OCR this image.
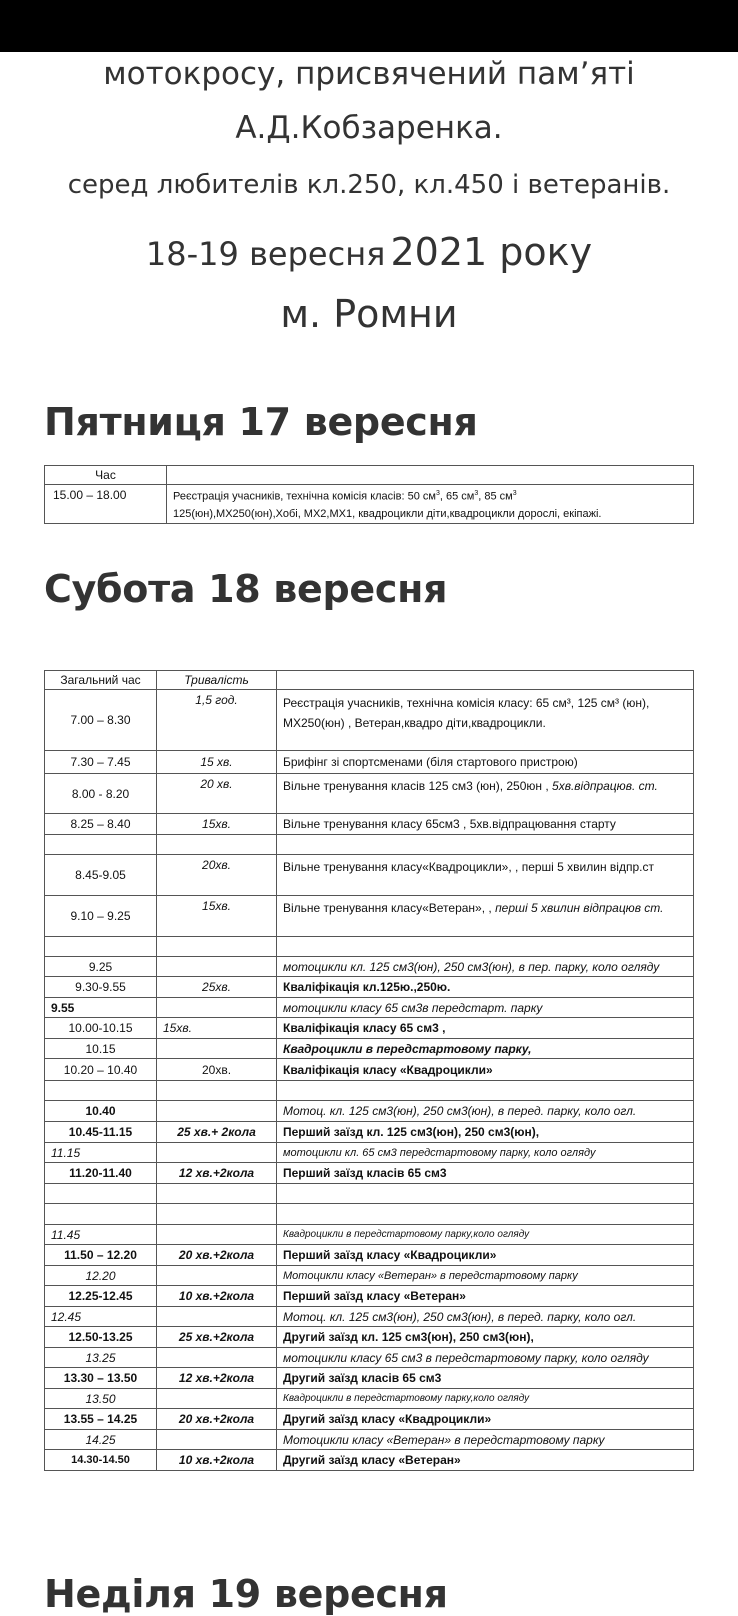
мотокросу, присвячений пам’яті
А.Д.Кобзаренка.
серед любителів кл.250, кл.450 і ветеранів.
18-19 вересня 2021 року
м. Ромни
Пятниця 17 вересня
Час	
15.00 – 18.00	Реєстрація учасників, технічна комісія класів: 50 $см^3$, 65 $см^3$, 85 $см^3$
125(юн),МХ250(юн),Хобі, МХ2,МХ1, квадроцикли діти,квадроцикли дорослі, екіпажі.
Субота 18 вересня
Загальний час	Тривалість	
7.00 – 8.30	1,5 год.	Реєстрація учасників, технічна комісія класу: 65 см³, 125 см³ (юн), МХ250(юн) , Ветеран,квадро діти,квадроцикли.
7.30 – 7.45	15 хв.	Брифінг зі спортсменами (біля стартового пристрою)
8.00 - 8.20	20 хв.	Вільне тренування класів 125 см3 (юн), 250юн , 5хв.відпрацюв. ст.
8.25 – 8.40	15хв.	Вільне тренування класу 65см3 , 5хв.відпрацювання старту

8.45-9.05	20хв.	Вільне тренування класу«Квадроцикли», , перші 5 хвилин відпр.ст
9.10 – 9.25	15хв.	Вільне тренування класу«Ветеран», , перші 5 хвилин відпрацюв ст.

9.25		мотоцикли кл. 125 см3(юн), 250 см3(юн), в пер. парку, коло огляду
9.30-9.55	25хв.	Кваліфікація кл.125ю.,250ю.
9.55		мотоцикли класу 65 см3в передстарт. парку
10.00-10.15	15хв.	Кваліфікація класу 65 см3 ,
10.15		Квадроцикли в передстартовому парку,
10.20 – 10.40	20хв.	Кваліфікація класу «Квадроцикли»

10.40		Мотоц. кл. 125 см3(юн), 250 см3(юн), в перед. парку, коло огл.
10.45-11.15	25 хв.+ 2кола	Перший заїзд кл. 125 см3(юн), 250 см3(юн),
11.15		мотоцикли кл. 65 см3 передстартовому парку, коло огляду
11.20-11.40	12 хв.+2кола	Перший заїзд класів 65 см3

11.45		Квадроцикли в передстартовому парку,коло огляду
11.50 – 12.20	20 хв.+2кола	Перший заїзд класу «Квадроцикли»
12.20		Мотоцикли класу «Ветеран» в передстартовому парку
12.25-12.45	10 хв.+2кола	Перший заїзд класу «Ветеран»
12.45		Мотоц. кл. 125 см3(юн), 250 см3(юн), в перед. парку, коло огл.
12.50-13.25	25 хв.+2кола	Другий заїзд кл. 125 см3(юн), 250 см3(юн),
13.25		мотоцикли класу 65 см3 в передстартовому парку, коло огляду
13.30 – 13.50	12 хв.+2кола	Другий заїзд класів 65 см3
13.50		Квадроцикли в передстартовому парку,коло огляду
13.55 – 14.25	20 хв.+2кола	Другий заїзд класу «Квадроцикли»
14.25		Мотоцикли класу «Ветеран» в передстартовому парку
14.30-14.50	10 хв.+2кола	Другий заїзд класу «Ветеран»
Неділя 19 вересня
